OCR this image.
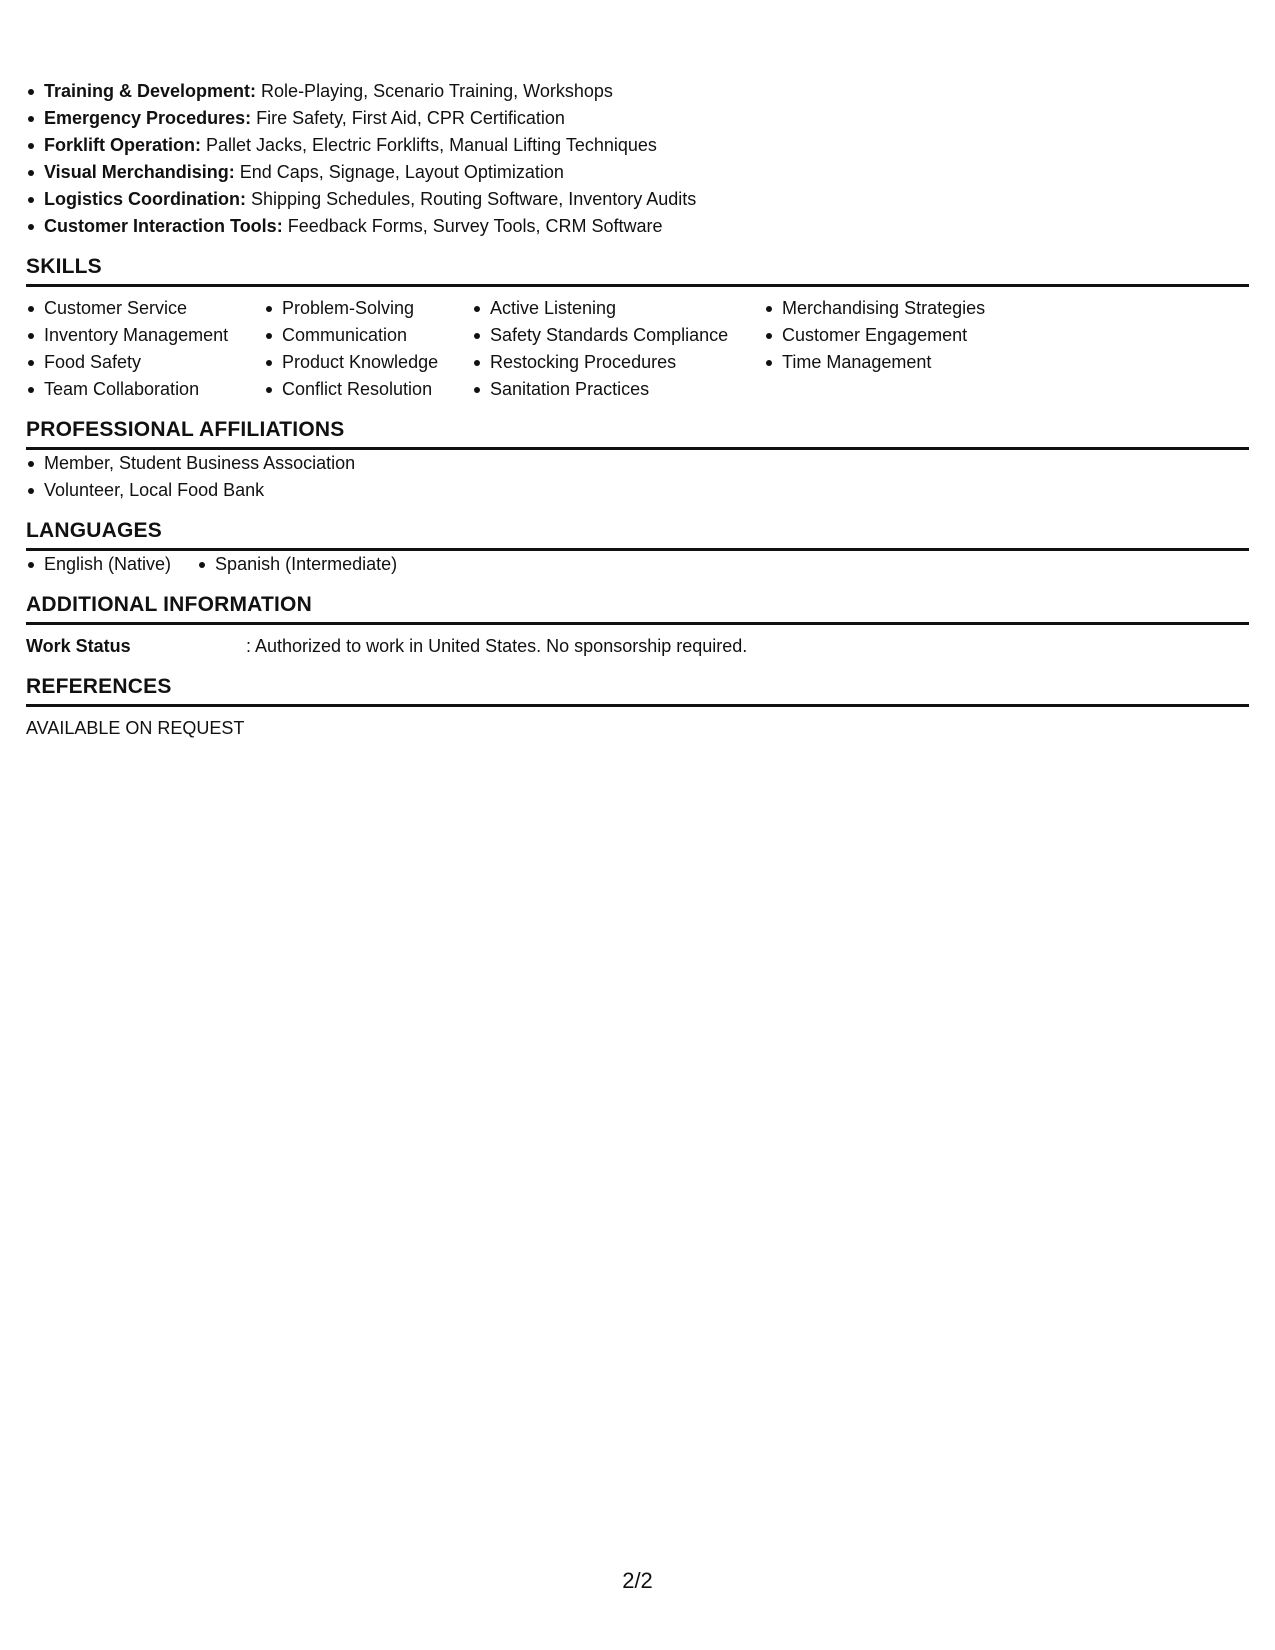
Training & Development: Role-Playing, Scenario Training, Workshops
Emergency Procedures: Fire Safety, First Aid, CPR Certification
Forklift Operation: Pallet Jacks, Electric Forklifts, Manual Lifting Techniques
Visual Merchandising: End Caps, Signage, Layout Optimization
Logistics Coordination: Shipping Schedules, Routing Software, Inventory Audits
Customer Interaction Tools: Feedback Forms, Survey Tools, CRM Software
SKILLS
Customer Service
Inventory Management
Food Safety
Team Collaboration
Problem-Solving
Communication
Product Knowledge
Conflict Resolution
Active Listening
Safety Standards Compliance
Restocking Procedures
Sanitation Practices
Merchandising Strategies
Customer Engagement
Time Management
PROFESSIONAL AFFILIATIONS
Member, Student Business Association
Volunteer, Local Food Bank
LANGUAGES
English (Native)	Spanish (Intermediate)
ADDITIONAL INFORMATION
Work Status	: Authorized to work in United States. No sponsorship required.
REFERENCES
AVAILABLE ON REQUEST
2/2
